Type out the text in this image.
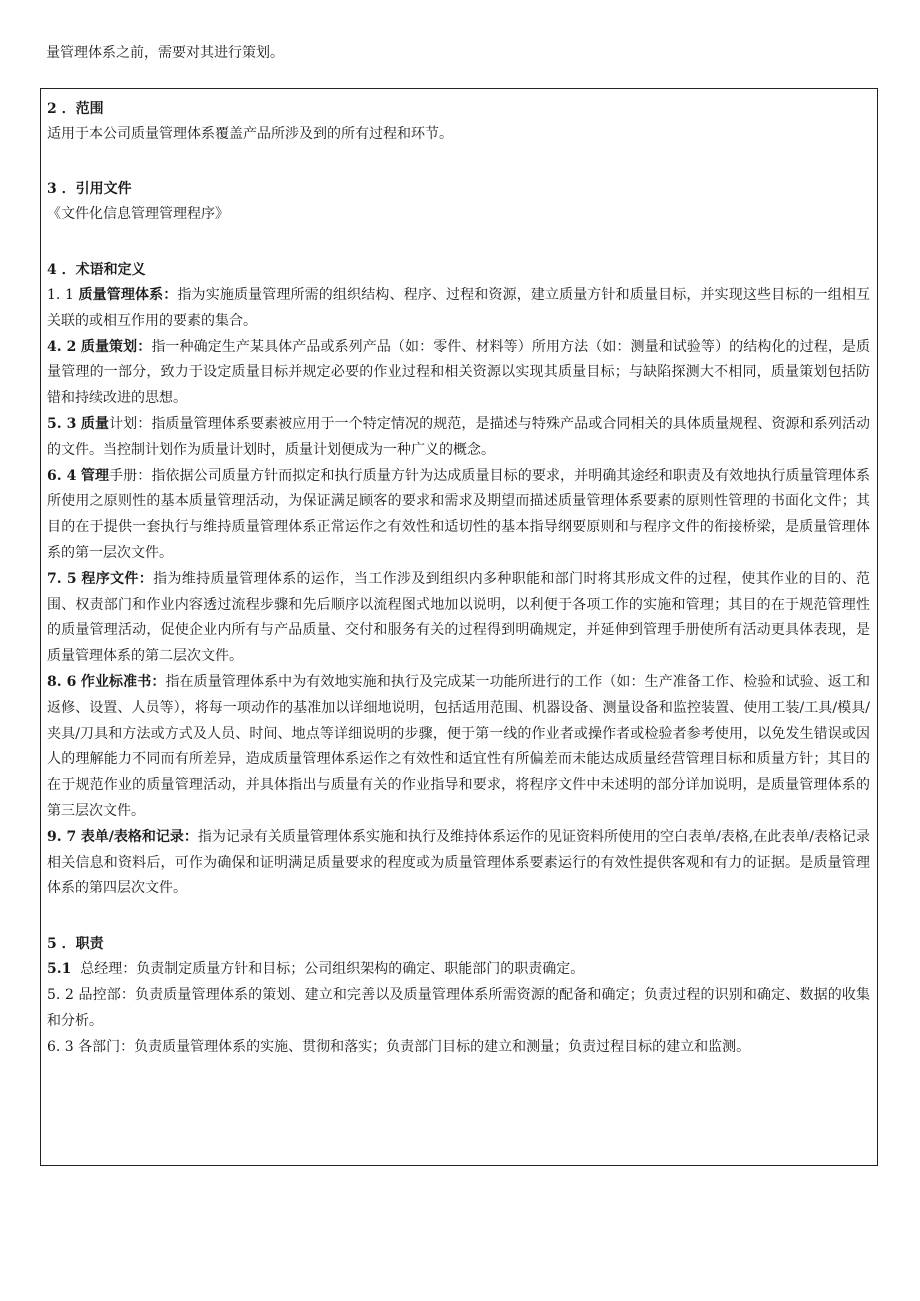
量管理体系之前，需要对其进行策划。
2 ．范围
适用于本公司质量管理体系覆盖产品所涉及到的所有过程和环节。
3 ．引用文件
《文件化信息管理管理程序》
4 ．术语和定义
1. 1 质量管理体系：指为实施质量管理所需的组织结构、程序、过程和资源，建立质量方针和质量目标，并实现这些目标的一组相互关联的或相互作用的要素的集合。
4. 2 质量策划：指一种确定生产某具体产品或系列产品（如：零件、材料等）所用方法（如：测量和试验等）的结构化的过程，是质量管理的一部分，致力于设定质量目标并规定必要的作业过程和相关资源以实现其质量目标；与缺陷探测大不相同，质量策划包括防错和持续改进的思想。
5. 3 质量计划：指质量管理体系要素被应用于一个特定情况的规范，是描述与特殊产品或合同相关的具体质量规程、资源和系列活动的文件。当控制计划作为质量计划时，质量计划便成为一种广义的概念。
6. 4 管理手册：指依据公司质量方针而拟定和执行质量方针为达成质量目标的要求，并明确其途经和职责及有效地执行质量管理体系所使用之原则性的基本质量管理活动，为保证满足顾客的要求和需求及期望而描述质量管理体系要素的原则性管理的书面化文件；其目的在于提供一套执行与维持质量管理体系正常运作之有效性和适切性的基本指导纲要原则和与程序文件的衔接桥梁，是质量管理体系的第一层次文件。
7. 5 程序文件：指为维持质量管理体系的运作，当工作涉及到组织内多种职能和部门时将其形成文件的过程，使其作业的目的、范围、权责部门和作业内容透过流程步骤和先后顺序以流程图式地加以说明，以利便于各项工作的实施和管理；其目的在于规范管理性的质量管理活动，促使企业内所有与产品质量、交付和服务有关的过程得到明确规定，并延伸到管理手册使所有活动更具体表现，是质量管理体系的第二层次文件。
8. 6 作业标准书：指在质量管理体系中为有效地实施和执行及完成某一功能所进行的工作（如：生产准备工作、检验和试验、返工和返修、设置、人员等），将每一项动作的基准加以详细地说明，包括适用范围、机器设备、测量设备和监控装置、使用工装/工具/模具/夹具/刀具和方法或方式及人员、时间、地点等详细说明的步骤，便于第一线的作业者或操作者或检验者参考使用，以免发生错误或因人的理解能力不同而有所差异，造成质量管理体系运作之有效性和适宜性有所偏差而未能达成质量经营管理目标和质量方针；其目的在于规范作业的质量管理活动，并具体指出与质量有关的作业指导和要求，将程序文件中未述明的部分详加说明，是质量管理体系的第三层次文件。
9. 7 表单/表格和记录：指为记录有关质量管理体系实施和执行及维持体系运作的见证资料所使用的空白表单/表格,在此表单/表格记录相关信息和资料后，可作为确保和证明满足质量要求的程度或为质量管理体系要素运行的有效性提供客观和有力的证据。是质量管理体系的第四层次文件。
5 ．职责
5.1 总经理：负责制定质量方针和目标；公司组织架构的确定、职能部门的职责确定。
5. 2 品控部：负责质量管理体系的策划、建立和完善以及质量管理体系所需资源的配备和确定；负责过程的识别和确定、数据的收集和分析。
6. 3 各部门：负责质量管理体系的实施、贯彻和落实；负责部门目标的建立和测量；负责过程目标的建立和监测。
